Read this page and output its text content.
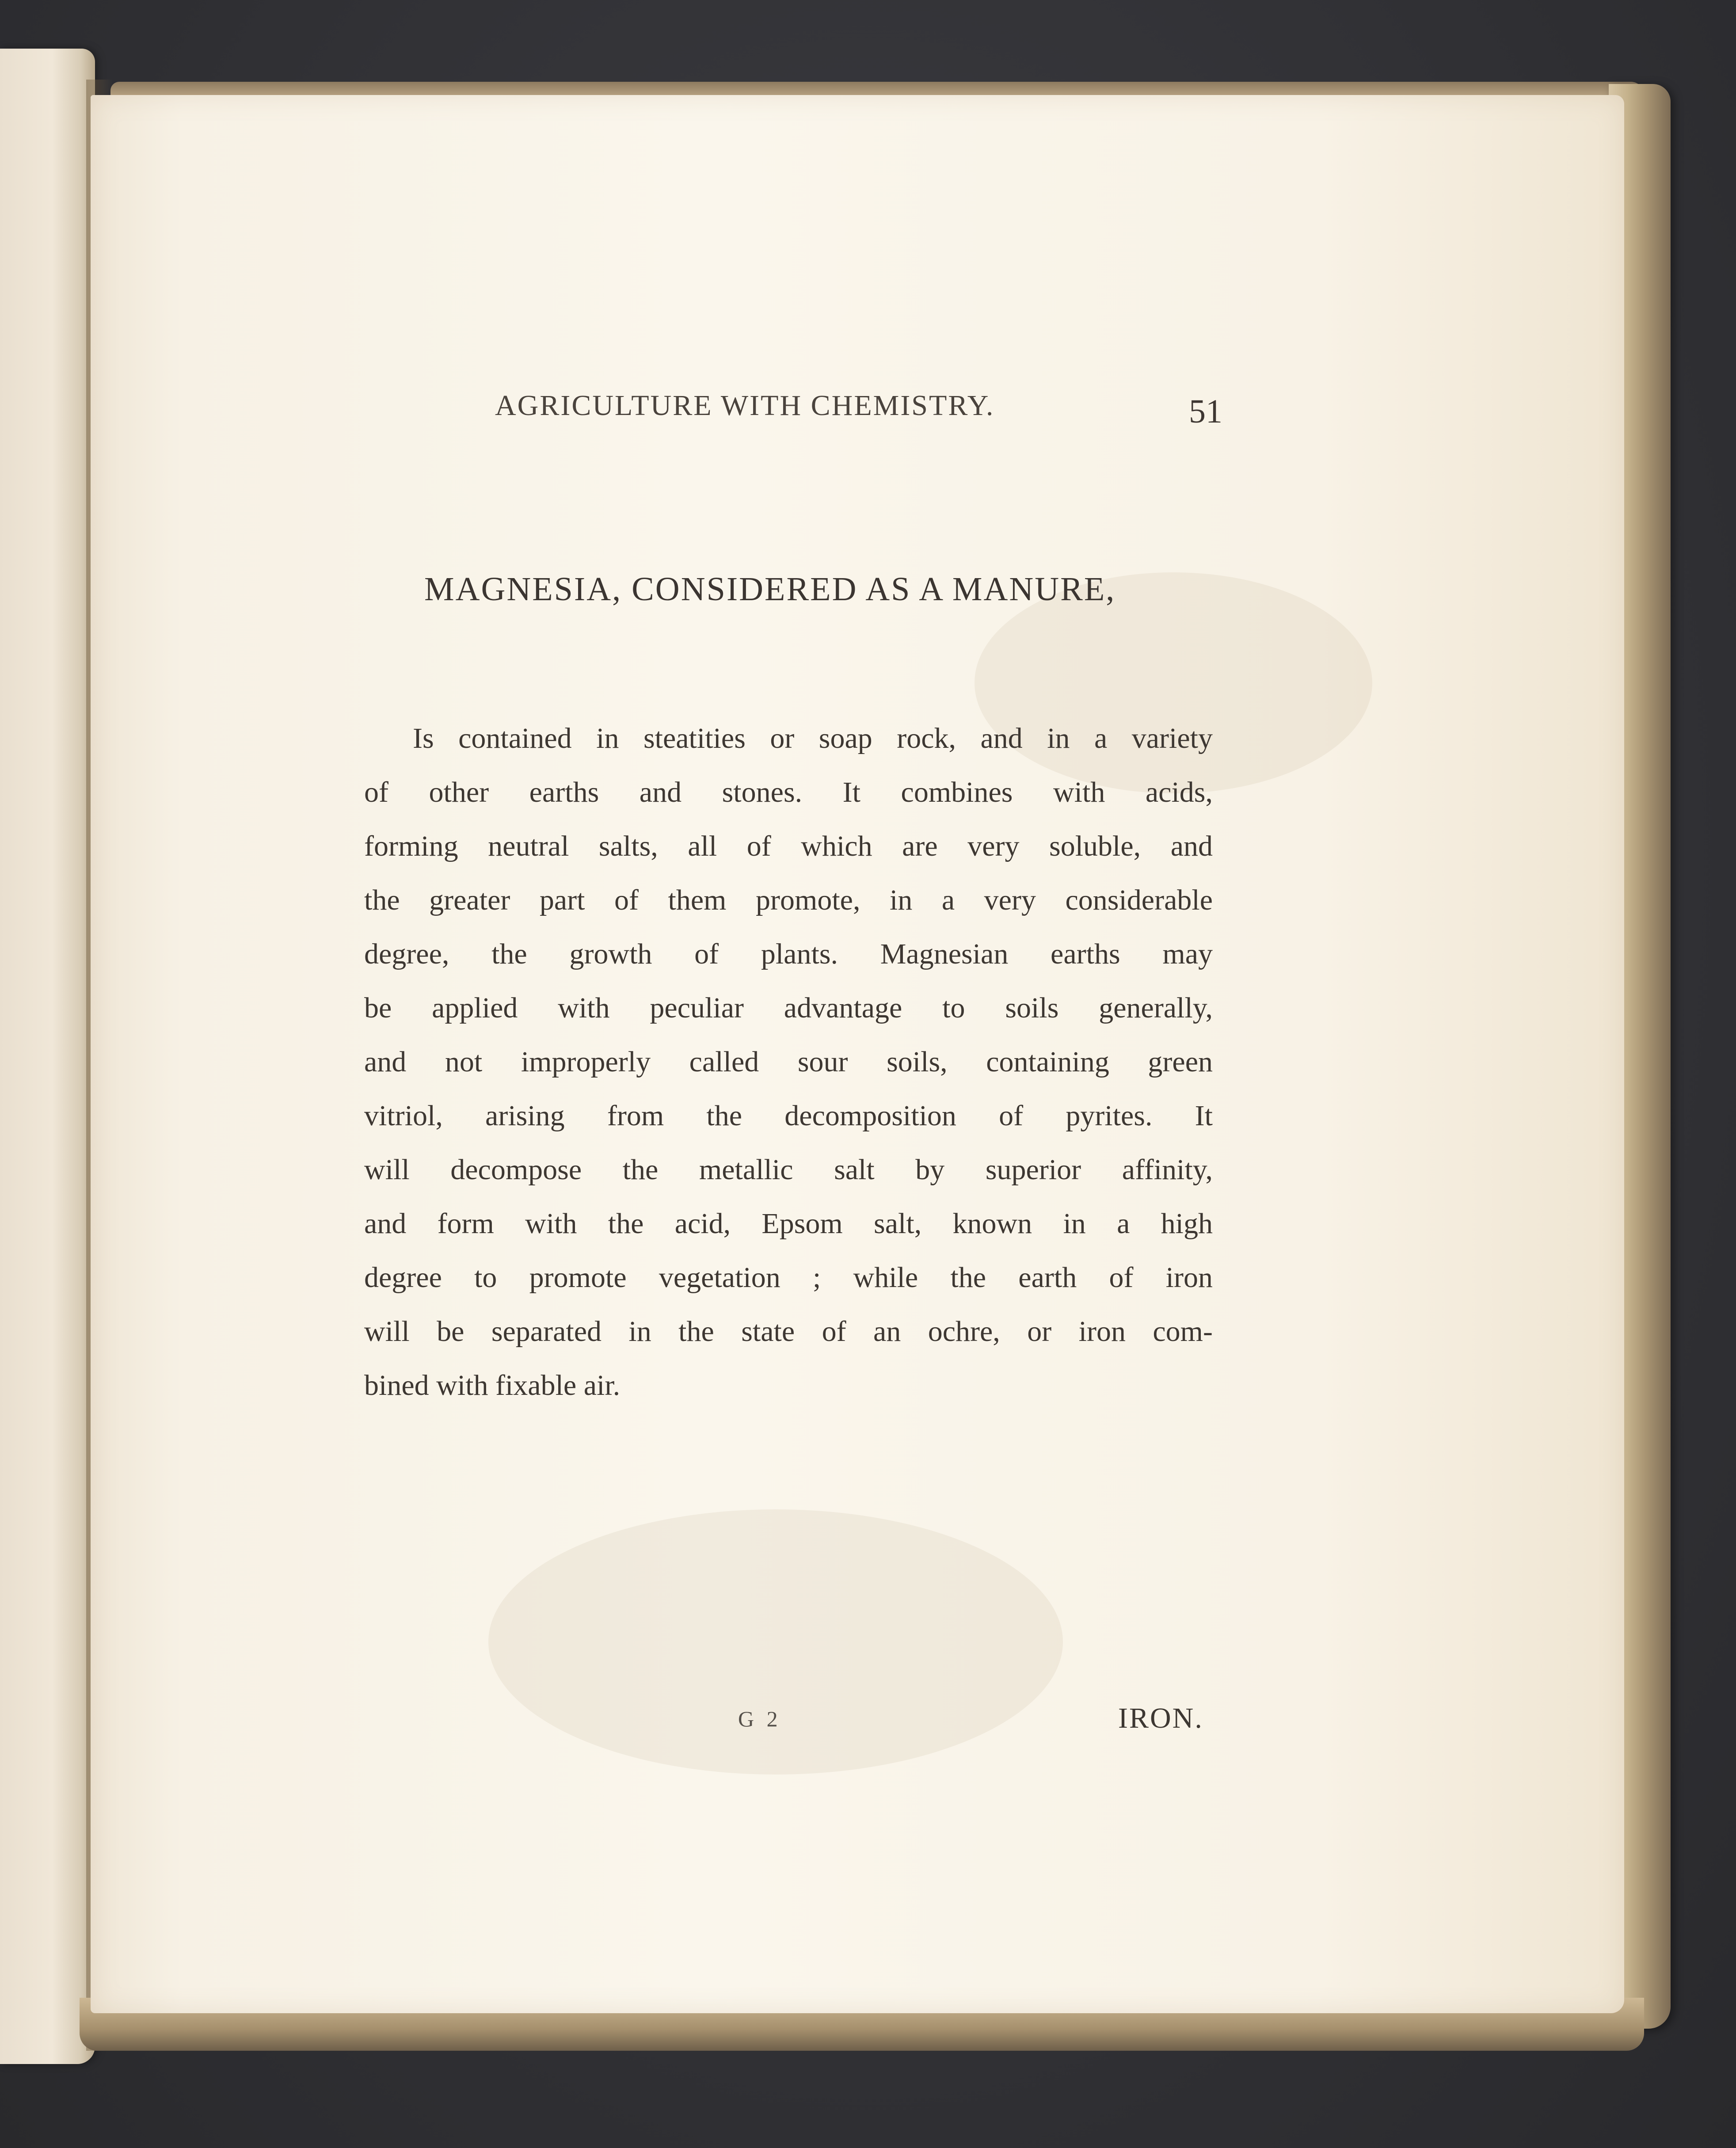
AGRICULTURE WITH CHEMISTRY.	51
MAGNESIA, CONSIDERED AS A MANURE,
Is contained in steatities or soap rock, and in a variety
of other earths and stones. It combines with acids,
forming neutral salts, all of which are very soluble, and
the greater part of them promote, in a very considerable
degree, the growth of plants. Magnesian earths may
be applied with peculiar advantage to soils generally,
and not improperly called sour soils, containing green
vitriol, arising from the decomposition of pyrites. It
will decompose the metallic salt by superior affinity,
and form with the acid, Epsom salt, known in a high
degree to promote vegetation ; while the earth of iron
will be separated in the state of an ochre, or iron com-
bined with fixable air.
G 2	IRON.
